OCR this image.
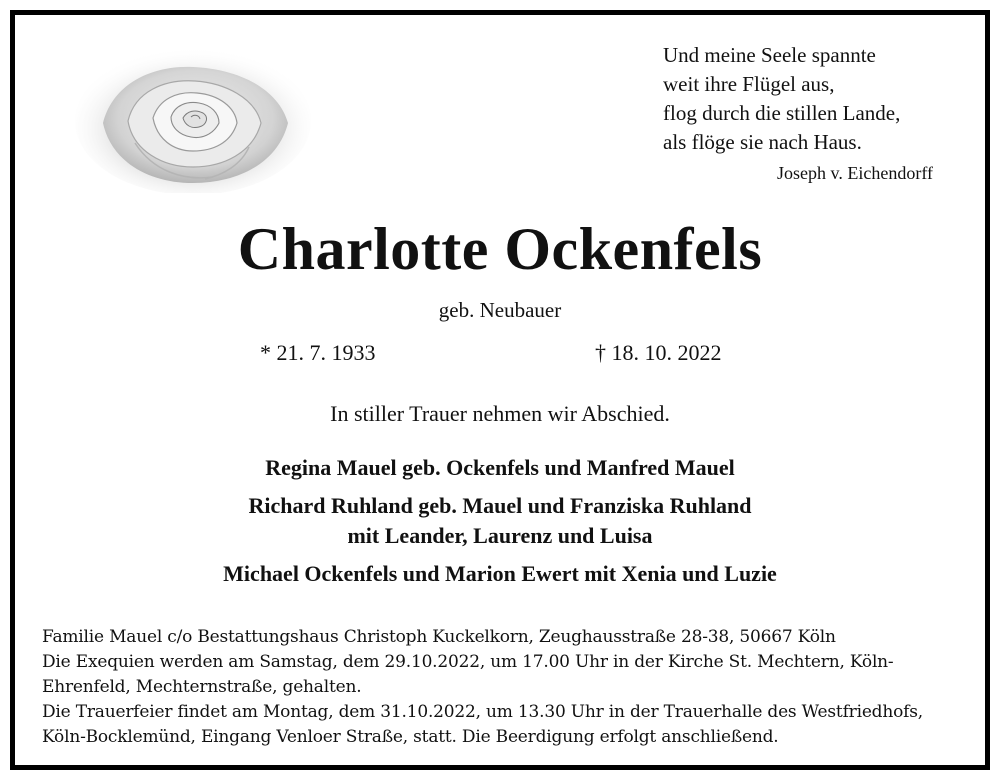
Und meine Seele spannte
weit ihre Flügel aus,
flog durch die stillen Lande,
als flöge sie nach Haus.
Joseph v. Eichendorff
Charlotte Ockenfels
geb. Neubauer
* 21. 7. 1933	† 18. 10. 2022
In stiller Trauer nehmen wir Abschied.
Regina Mauel geb. Ockenfels und Manfred Mauel
Richard Ruhland geb. Mauel und Franziska Ruhland
mit Leander, Laurenz und Luisa
Michael Ockenfels und Marion Ewert mit Xenia und Luzie
Familie Mauel c/o Bestattungshaus Christoph Kuckelkorn, Zeughausstraße 28-38, 50667 Köln
Die Exequien werden am Samstag, dem 29.10.2022, um 17.00 Uhr in der Kirche St. Mechtern, Köln-Ehrenfeld, Mechternstraße, gehalten.
Die Trauerfeier findet am Montag, dem 31.10.2022, um 13.30 Uhr in der Trauerhalle des Westfriedhofs, Köln-Bocklemünd, Eingang Venloer Straße, statt. Die Beerdigung erfolgt anschließend.
